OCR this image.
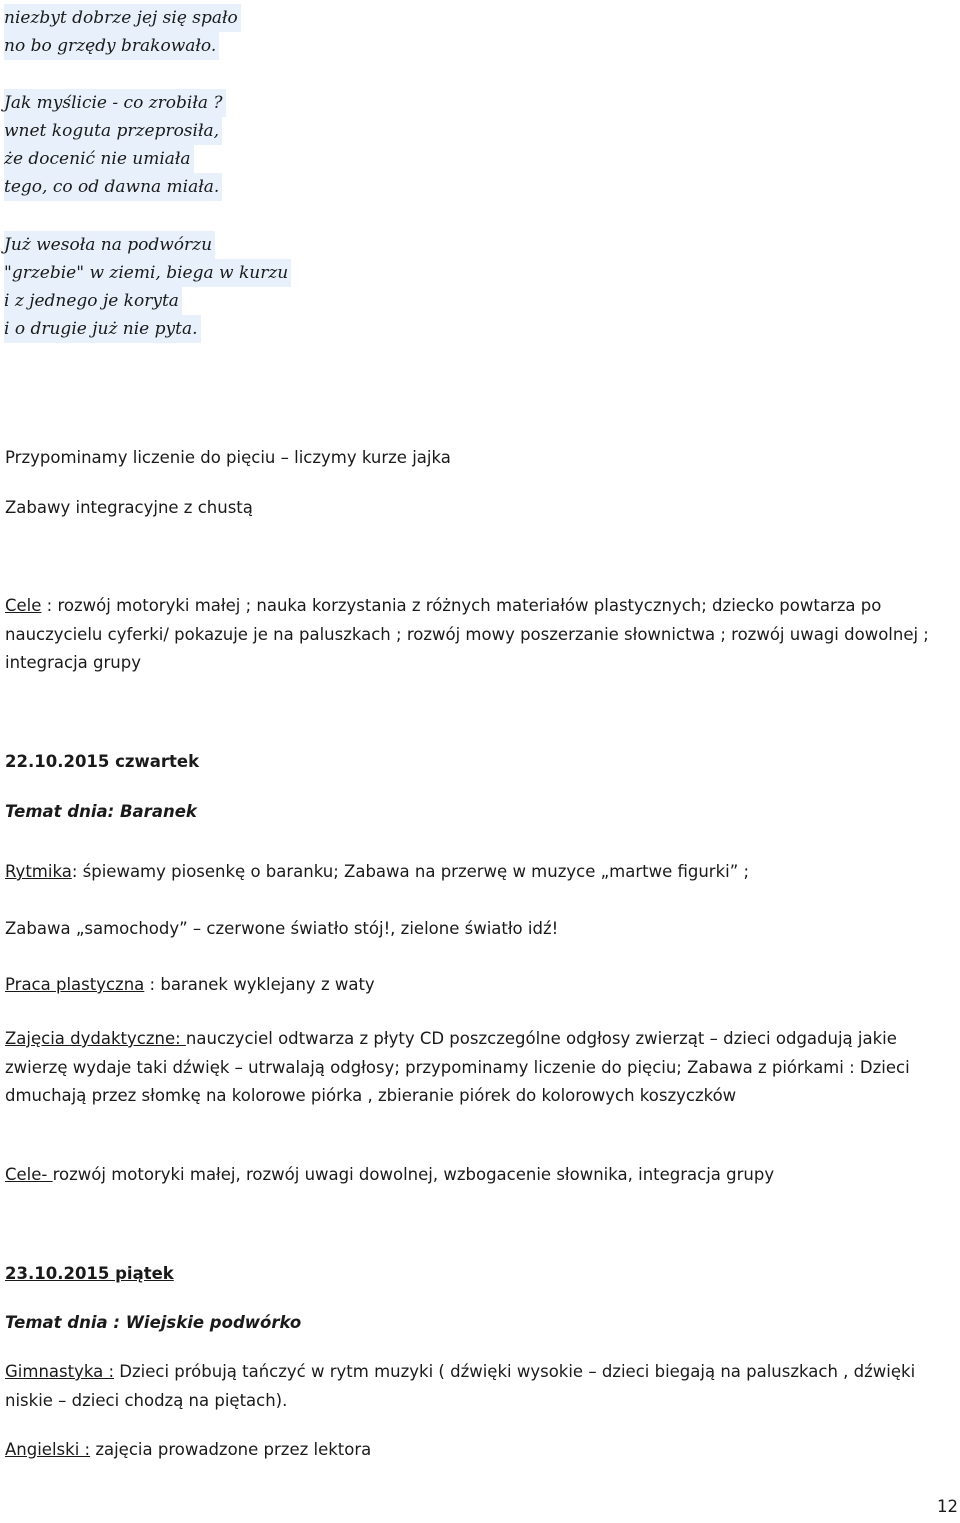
niezbyt dobrze jej się spało
no bo grzędy brakowało.
Jak myślicie - co zrobiła ?
wnet koguta przeprosiła,
że docenić nie umiała
tego, co od dawna miała.
Już wesoła na podwórzu
"grzebie" w ziemi, biega w kurzu
i z jednego je koryta
i o drugie już nie pyta.
Przypominamy liczenie do pięciu – liczymy kurze jajka
Zabawy integracyjne z chustą
Cele : rozwój motoryki małej ; nauka korzystania z różnych materiałów plastycznych; dziecko powtarza po nauczycielu cyferki/ pokazuje je na paluszkach ; rozwój mowy poszerzanie słownictwa ; rozwój uwagi dowolnej ; integracja grupy
22.10.2015 czwartek
Temat dnia: Baranek
Rytmika: śpiewamy piosenkę o baranku; Zabawa na przerwę w muzyce „martwe figurki” ;
Zabawa „samochody” – czerwone światło stój!, zielone światło idź!
Praca plastyczna : baranek wyklejany z waty
Zajęcia dydaktyczne: nauczyciel odtwarza z płyty CD poszczególne odgłosy zwierząt – dzieci odgadują jakie zwierzę wydaje taki dźwięk – utrwalają odgłosy; przypominamy liczenie do pięciu; Zabawa z piórkami : Dzieci dmuchają przez słomkę na kolorowe piórka , zbieranie piórek do kolorowych koszyczków
Cele- rozwój motoryki małej, rozwój uwagi dowolnej, wzbogacenie słownika, integracja grupy
23.10.2015 piątek
Temat dnia : Wiejskie podwórko
Gimnastyka : Dzieci próbują tańczyć w rytm muzyki ( dźwięki wysokie – dzieci biegają na paluszkach , dźwięki niskie – dzieci chodzą na piętach).
Angielski : zajęcia prowadzone przez lektora
12
